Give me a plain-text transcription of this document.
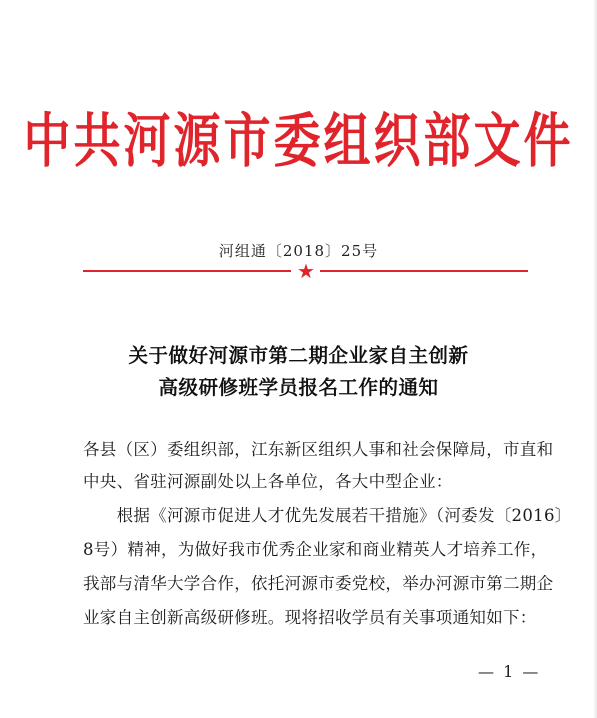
中共河源市委组织部文件
河组通〔2018〕25号
★
关于做好河源市第二期企业家自主创新
高级研修班学员报名工作的通知
各县（区）委组织部，江东新区组织人事和社会保障局，市直和
中央、省驻河源副处以上各单位，各大中型企业：
　　根据《河源市促进人才优先发展若干措施》（河委发〔2016〕
8号）精神，为做好我市优秀企业家和商业精英人才培养工作，
我部与清华大学合作，依托河源市委党校，举办河源市第二期企
业家自主创新高级研修班。现将招收学员有关事项通知如下：
— 1 —
